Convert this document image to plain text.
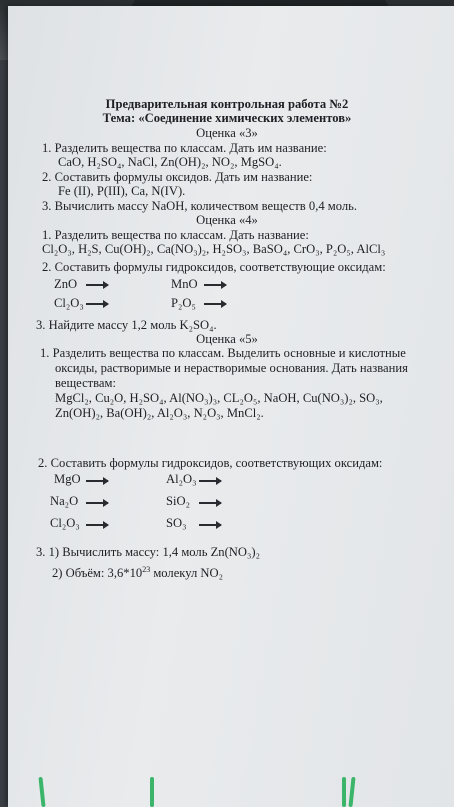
Предварительная контрольная работа №2
Тема: «Соединение химических элементов»
Оценка «3»
1. Разделить вещества по классам. Дать им название:
CaO, H₂SO₄, NaCl, Zn(OH)₂, NO₂, MgSO₄.
2. Составить формулы оксидов. Дать им название:
Fe (II), P(III), Ca, N(IV).
3. Вычислить массу NaOH, количеством веществ 0,4 моль.
Оценка «4»
1. Разделить вещества по классам. Дать название:
Cl₂O₃, H₂S, Cu(OH)₂, Ca(NO₃)₂, H₂SO₃, BaSO₄, CrO₃, P₂O₅, AlCl₃
2. Составить формулы гидроксидов, соответствующие оксидам:
ZnO	MnO
Cl₂O₃	P₂O₅
3. Найдите массу 1,2 моль K₂SO₄.
Оценка «5»
1. Разделить вещества по классам. Выделить основные и кислотные
оксиды, растворимые и нерастворимые основания. Дать названия
веществам:
MgCl₂, Cu₂O, H₂SO₄, Al(NO₃)₃, CL₂O₅, NaOH, Cu(NO₃)₂, SO₃,
Zn(OH)₂, Ba(OH)₂, Al₂O₃, N₂O₃, MnCl₂.
2. Составить формулы гидроксидов, соответствующих оксидам:
MgO	Al₂O₃
Na₂O	SiO₂
Cl₂O₃	SO₃
3. 1) Вычислить массу: 1,4 моль Zn(NO₃)₂
2) Объём: $3,6*10^{23}$ молекул NO₂
